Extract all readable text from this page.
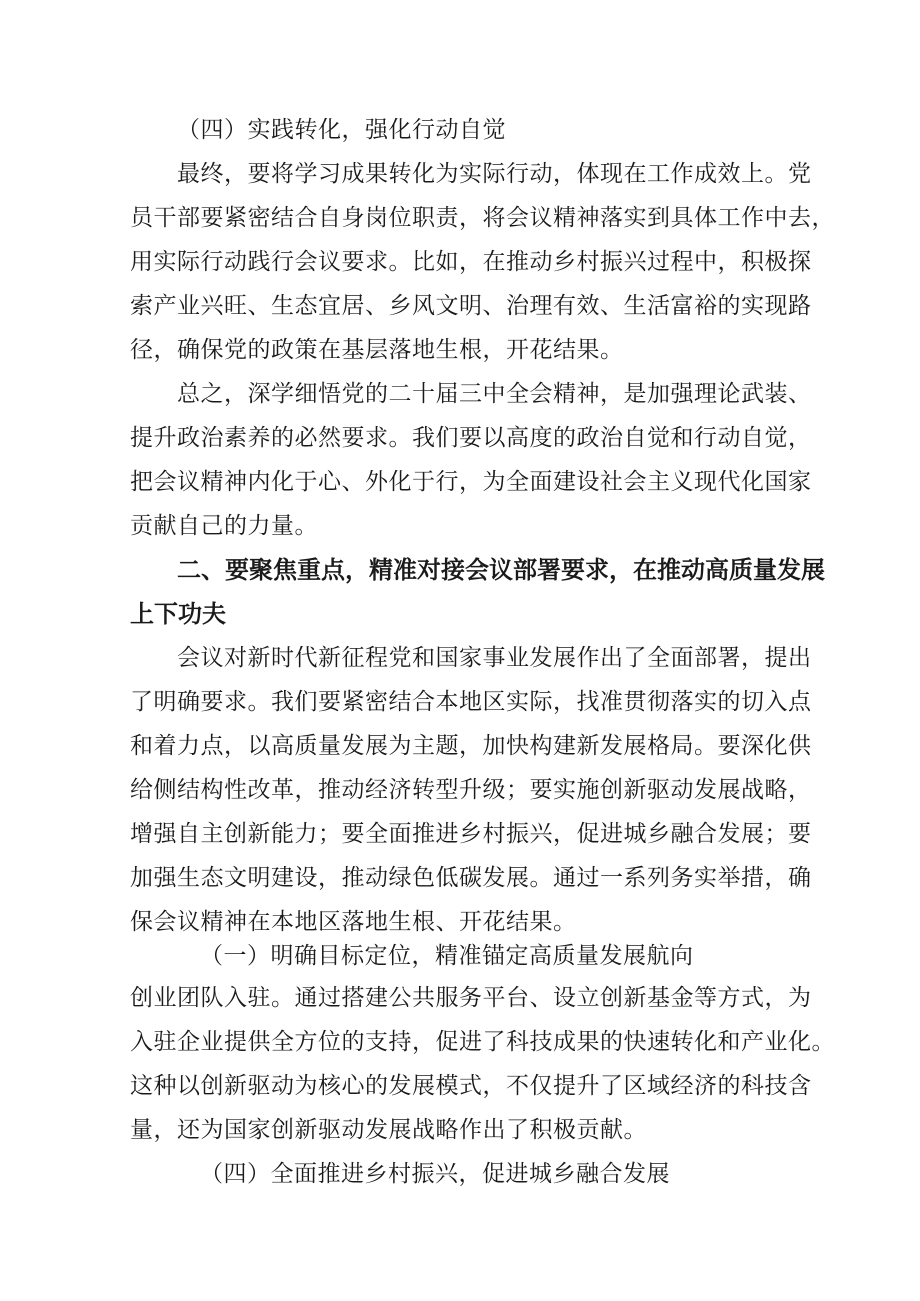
（四）实践转化，强化行动自觉
最终，要将学习成果转化为实际行动，体现在工作成效上。党
员干部要紧密结合自身岗位职责，将会议精神落实到具体工作中去，
用实际行动践行会议要求。比如，在推动乡村振兴过程中，积极探
索产业兴旺、生态宜居、乡风文明、治理有效、生活富裕的实现路
径，确保党的政策在基层落地生根，开花结果。
总之，深学细悟党的二十届三中全会精神，是加强理论武装、
提升政治素养的必然要求。我们要以高度的政治自觉和行动自觉，
把会议精神内化于心、外化于行，为全面建设社会主义现代化国家
贡献自己的力量。
二、要聚焦重点，精准对接会议部署要求，在推动高质量发展
上下功夫
会议对新时代新征程党和国家事业发展作出了全面部署，提出
了明确要求。我们要紧密结合本地区实际，找准贯彻落实的切入点
和着力点，以高质量发展为主题，加快构建新发展格局。要深化供
给侧结构性改革，推动经济转型升级；要实施创新驱动发展战略，
增强自主创新能力；要全面推进乡村振兴，促进城乡融合发展；要
加强生态文明建设，推动绿色低碳发展。通过一系列务实举措，确
保会议精神在本地区落地生根、开花结果。
（一）明确目标定位，精准锚定高质量发展航向
创业团队入驻。通过搭建公共服务平台、设立创新基金等方式，为
入驻企业提供全方位的支持，促进了科技成果的快速转化和产业化。
这种以创新驱动为核心的发展模式，不仅提升了区域经济的科技含
量，还为国家创新驱动发展战略作出了积极贡献。
（四）全面推进乡村振兴，促进城乡融合发展
